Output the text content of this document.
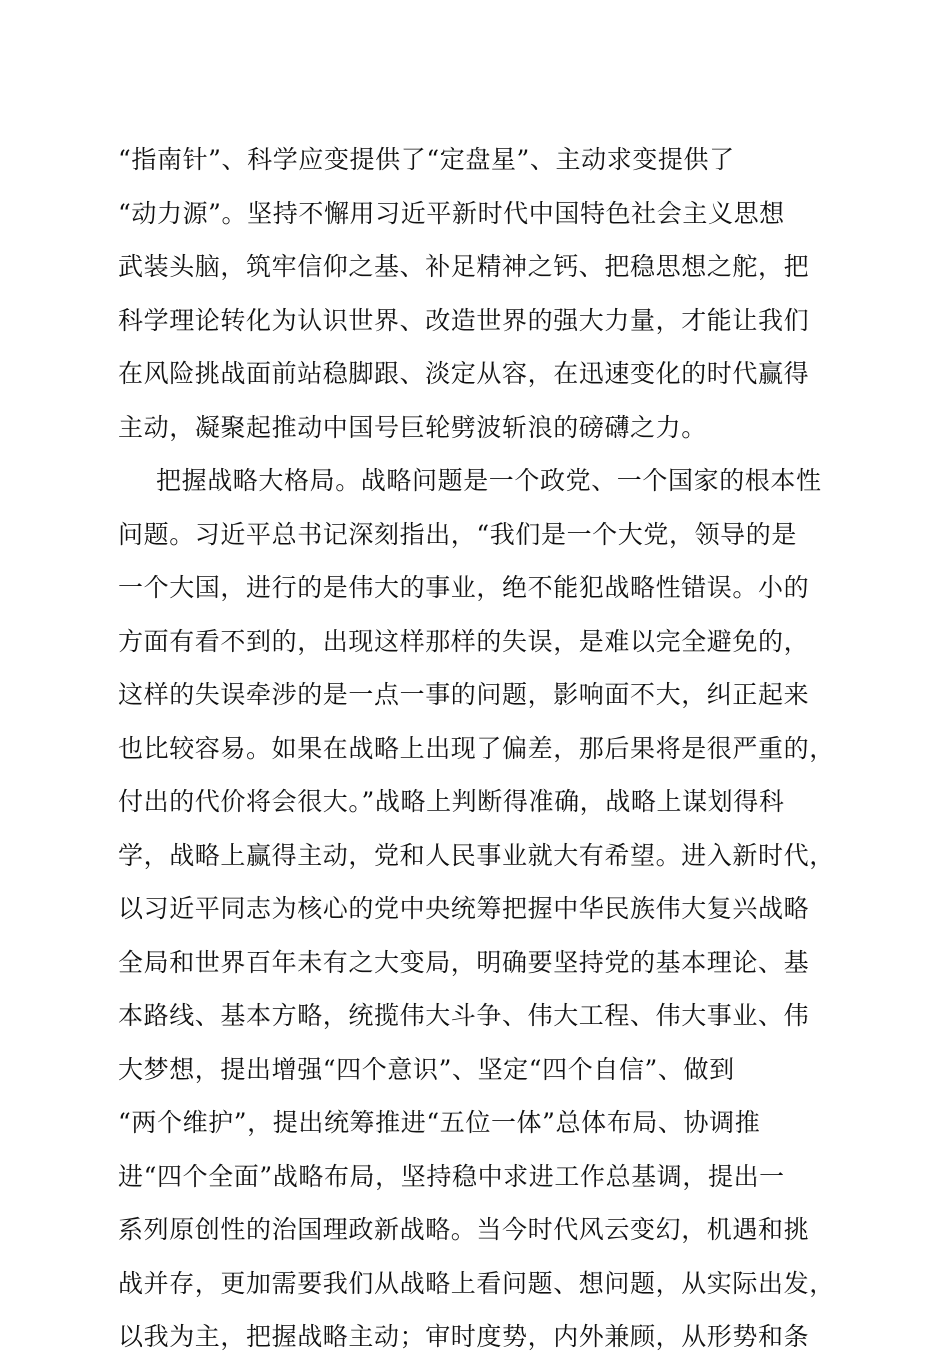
“指南针”、科学应变提供了“定盘星”、主动求变提供了
“动力源”。坚持不懈用习近平新时代中国特色社会主义思想
武装头脑，筑牢信仰之基、补足精神之钙、把稳思想之舵，把
科学理论转化为认识世界、改造世界的强大力量，才能让我们
在风险挑战面前站稳脚跟、淡定从容，在迅速变化的时代赢得
主动，凝聚起推动中国号巨轮劈波斩浪的磅礴之力。
把握战略大格局。战略问题是一个政党、一个国家的根本性
问题。习近平总书记深刻指出，“我们是一个大党，领导的是
一个大国，进行的是伟大的事业，绝不能犯战略性错误。小的
方面有看不到的，出现这样那样的失误，是难以完全避免的，
这样的失误牵涉的是一点一事的问题，影响面不大，纠正起来
也比较容易。如果在战略上出现了偏差，那后果将是很严重的，
付出的代价将会很大。”战略上判断得准确，战略上谋划得科
学，战略上赢得主动，党和人民事业就大有希望。进入新时代，
以习近平同志为核心的党中央统筹把握中华民族伟大复兴战略
全局和世界百年未有之大变局，明确要坚持党的基本理论、基
本路线、基本方略，统揽伟大斗争、伟大工程、伟大事业、伟
大梦想，提出增强“四个意识”、坚定“四个自信”、做到
“两个维护”，提出统筹推进“五位一体”总体布局、协调推
进“四个全面”战略布局，坚持稳中求进工作总基调，提出一
系列原创性的治国理政新战略。当今时代风云变幻，机遇和挑
战并存，更加需要我们从战略上看问题、想问题，从实际出发，
以我为主，把握战略主动；审时度势，内外兼顾，从形势和条
